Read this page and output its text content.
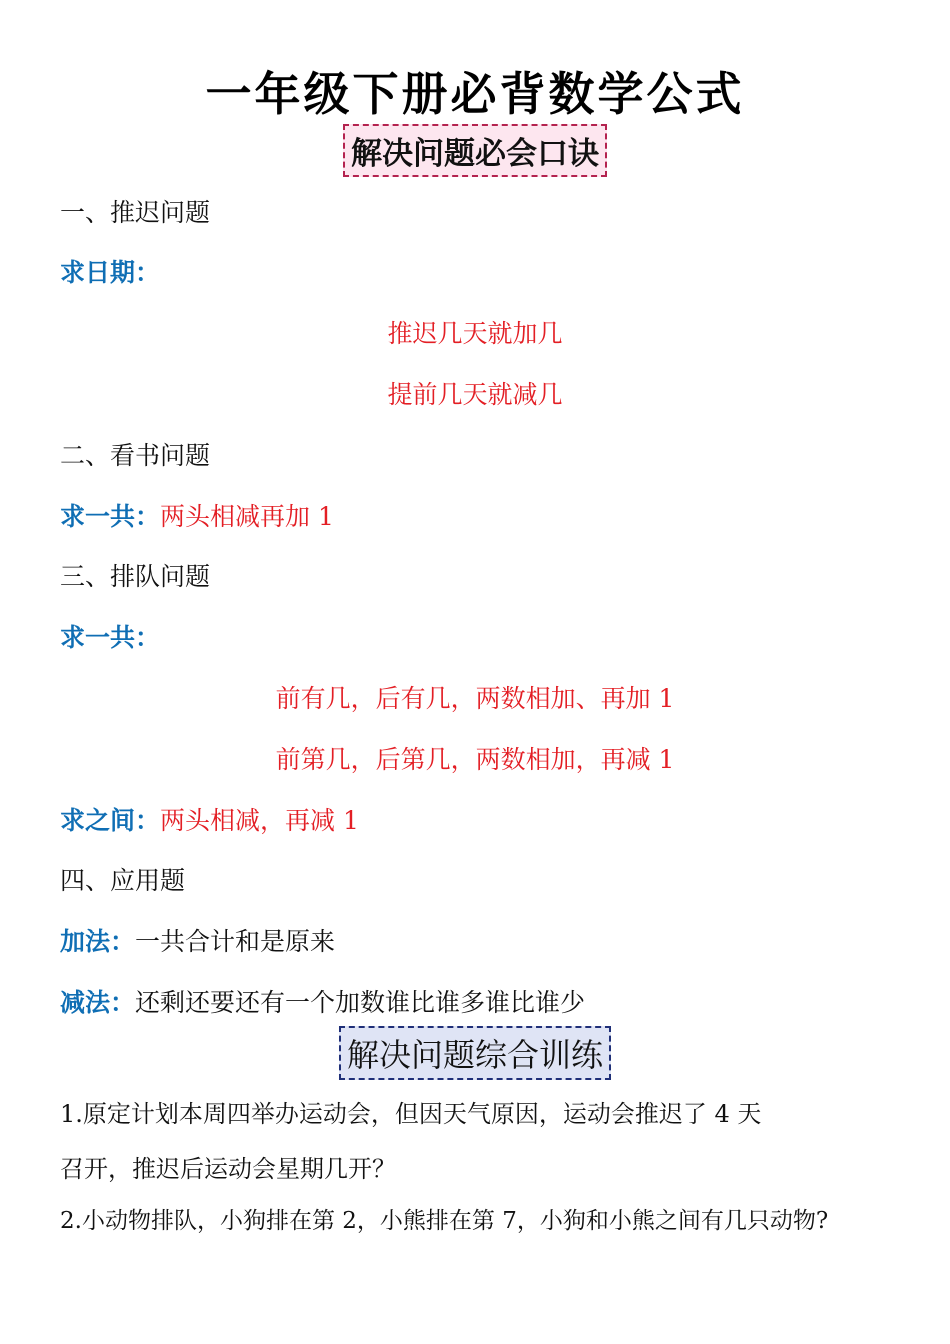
一年级下册必背数学公式
解决问题必会口诀
一、推迟问题
求日期：
推迟几天就加几
提前几天就减几
二、看书问题
求一共：两头相减再加 1
三、排队问题
求一共：
前有几，后有几，两数相加、再加 1
前第几，后第几，两数相加，再减 1
求之间：两头相减，再减 1
四、应用题
加法：一共合计和是原来
减法：还剩还要还有一个加数谁比谁多谁比谁少
解决问题综合训练
1.原定计划本周四举办运动会，但因天气原因，运动会推迟了 4 天
召开，推迟后运动会星期几开？
2.小动物排队，小狗排在第 2，小熊排在第 7，小狗和小熊之间有几只动物?
